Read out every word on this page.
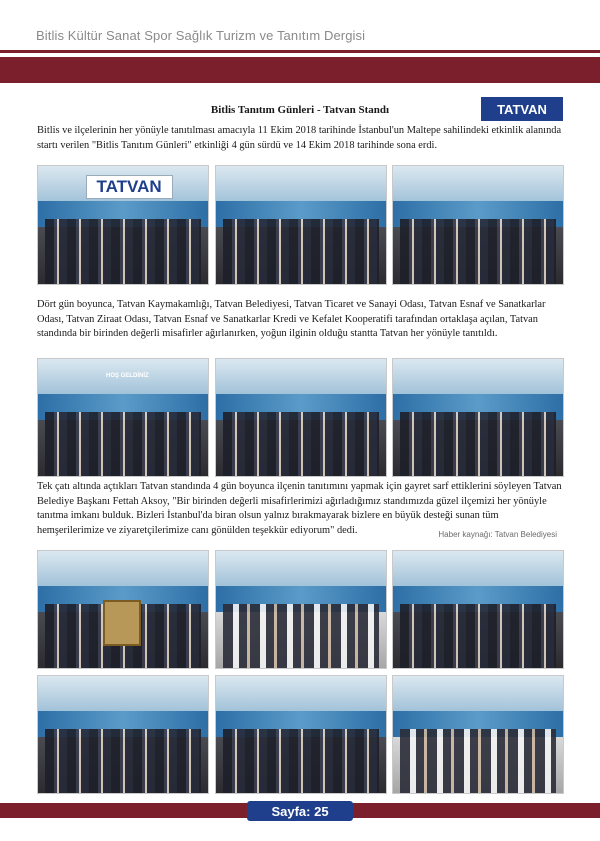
Bitlis Kültür Sanat Spor Sağlık Turizm ve Tanıtım Dergisi
Bitlis Tanıtım Günleri - Tatvan Standı	TATVAN

Bitlis ve ilçelerinin her yönüyle tanıtılması amacıyla 11 Ekim 2018 tarihinde İstanbul'un Maltepe sahilindeki etkinlik alanında startı verilen "Bitlis Tanıtım Günleri" etkinliği 4 gün sürdü ve 14 Ekim 2018 tarihinde sona erdi.

TATVAN

Dört gün boyunca, Tatvan Kaymakamlığı, Tatvan Belediyesi, Tatvan Ticaret ve Sanayi Odası, Tatvan Esnaf ve Sanatkarlar Odası, Tatvan Ziraat Odası, Tatvan Esnaf ve Sanatkarlar Kredi ve Kefalet Kooperatifi tarafından ortaklaşa açılan, Tatvan standında bir birinden değerli misafirler ağırlanırken, yoğun ilginin olduğu stantta Tatvan her yönüyle tanıtıldı.

HOŞ GELDİNİZ

Tek çatı altında açtıkları Tatvan standında 4 gün boyunca ilçenin tanıtımını yapmak için gayret sarf ettiklerini söyleyen Tatvan Belediye Başkanı Fettah Aksoy, "Bir birinden değerli misafirlerimizi ağırladığımız standımızda güzel ilçemizi her yönüyle tanıtma imkanı bulduk. Bizleri İstanbul'da biran olsun yalnız bırakmayarak bizlere en büyük desteği sunan tüm hemşerilerimize ve ziyaretçilerimize canı gönülden teşekkür ediyorum" dedi.	Haber kaynağı: Tatvan Belediyesi
Sayfa: 25
